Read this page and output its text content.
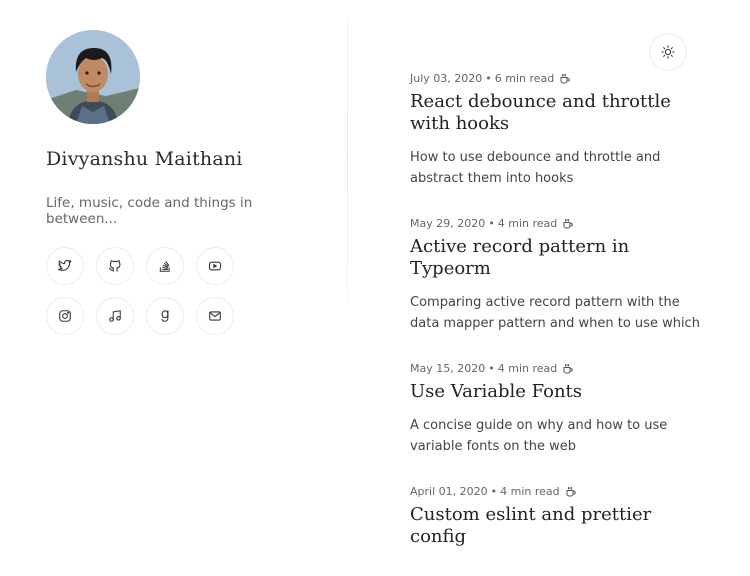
Divyanshu Maithani
Life, music, code and things in between...
July 03, 2020 • 6 min read
React debounce and throttle with hooks
How to use debounce and throttle and abstract them into hooks
May 29, 2020 • 4 min read
Active record pattern in Typeorm
Comparing active record pattern with the data mapper pattern and when to use which
May 15, 2020 • 4 min read
Use Variable Fonts
A concise guide on why and how to use variable fonts on the web
April 01, 2020 • 4 min read
Custom eslint and prettier config
